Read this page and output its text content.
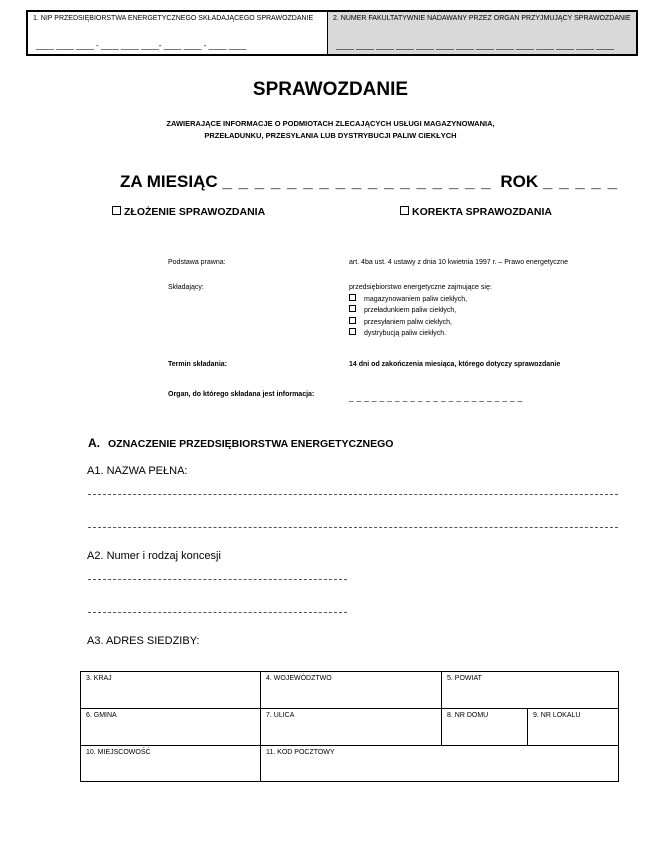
1. NIP PRZEDSIĘBIORSTWA ENERGETYCZNEGO SKŁADAJĄCEGO SPRAWOZDANIE
____ ____ ____ - ____ ____ ____- ____ ____ - ____ ____
2. NUMER FAKULTATYWNIE NADAWANY PRZEZ ORGAN PRZYJMUJĄCY SPRAWOZDANIE
____ ____ ____ ____ ____ ____ ____ ____ ____ ____ ____ ____ ____ ____
SPRAWOZDANIE
ZAWIERAJĄCE INFORMACJE O PODMIOTACH ZLECAJĄCYCH USŁUGI MAGAZYNOWANIA,
PRZEŁADUNKU, PRZESYŁANIA LUB DYSTRYBUCJI PALIW CIEKŁYCH
ZA MIESIĄC _ _ _ _ _ _ _ _ _ _ _ _ _ _ _ _ _ ROK _ _ _ _ _
ZŁOŻENIE SPRAWOZDANIA	KOREKTA SPRAWOZDANIA
Podstawa prawna:	art. 4ba ust. 4 ustawy z dnia 10 kwietnia 1997 r. – Prawo energetyczne
Składający:	przedsiębiorstwo energetyczne zajmujące się:
magazynowaniem paliw ciekłych,
przeładunkiem paliw ciekłych,
przesyłaniem paliw ciekłych,
dystrybucją paliw ciekłych.
Termin składania:	14 dni od zakończenia miesiąca, którego dotyczy sprawozdanie
Organ, do którego składana jest informacja:	_ _ _ _ _ _ _ _ _ _ _ _ _ _ _ _ _ _ _ _ _ _ _
A. OZNACZENIE PRZEDSIĘBIORSTWA ENERGETYCZNEGO
A1. NAZWA PEŁNA:
A2. Numer i rodzaj koncesji
A3. ADRES SIEDZIBY:
3. KRAJ	4. WOJEWÓDZTWO	5. POWIAT
6. GMINA	7. ULICA	8. NR DOMU	9. NR LOKALU
10. MIEJSCOWOŚĆ	11. KOD POCZTOWY
